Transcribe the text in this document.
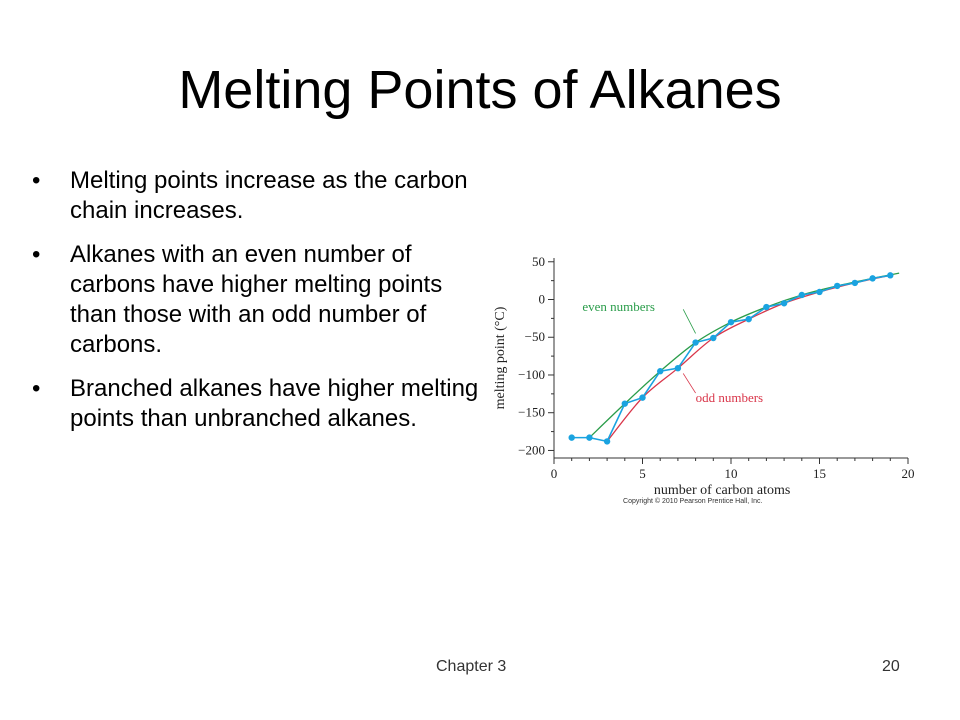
Melting Points of Alkanes
•	Melting points increase as the carbon chain increases.
•	Alkanes with an even number of carbons have higher melting points than those with an odd number of carbons.
•	Branched alkanes have higher melting points than unbranched alkanes.
melting point (°C)
number of carbon atoms
Copyright © 2010 Pearson Prentice Hall, Inc.
even numbers
odd numbers
0	5	10	15	20
50
0
−50
−100
−150
−200
Chapter 3	20
